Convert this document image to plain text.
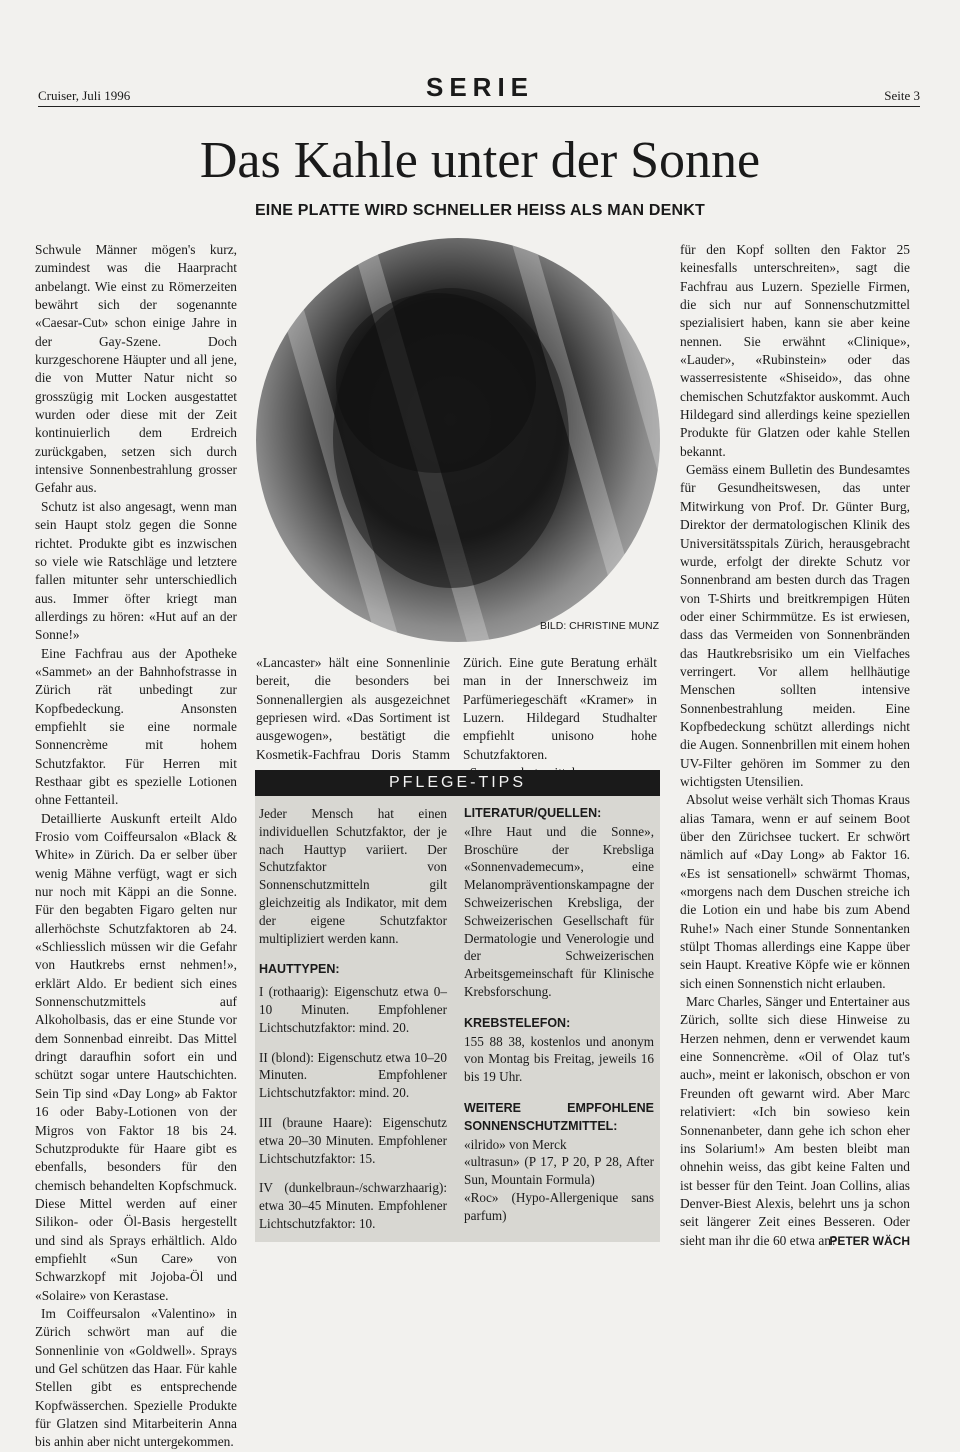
Cruiser, Juli 1996	SERIE	Seite 3
Das Kahle unter der Sonne
EINE PLATTE WIRD SCHNELLER HEISS ALS MAN DENKT

Schwule Männer mögen's kurz, zumindest was die Haarpracht anbelangt. Wie einst zu Römerzeiten bewährt sich der sogenannte «Caesar-Cut» schon einige Jahre in der Gay-Szene. Doch kurzgeschorene Häupter und all jene, die von Mutter Natur nicht so grosszügig mit Locken ausgestattet wurden oder diese mit der Zeit kontinuierlich dem Erdreich zurückgaben, setzen sich durch intensive Sonnenbestrahlung grosser Gefahr aus.

Schutz ist also angesagt, wenn man sein Haupt stolz gegen die Sonne richtet. Produkte gibt es inzwischen so viele wie Ratschläge und letztere fallen mitunter sehr unterschiedlich aus. Immer öfter kriegt man allerdings zu hören: «Hut auf an der Sonne!»

Eine Fachfrau aus der Apotheke «Sammet» an der Bahnhofstrasse in Zürich rät unbedingt zur Kopfbedeckung. Ansonsten empfiehlt sie eine normale Sonnencrème mit hohem Schutzfaktor. Für Herren mit Resthaar gibt es spezielle Lotionen ohne Fettanteil.

Detaillierte Auskunft erteilt Aldo Frosio vom Coiffeursalon «Black & White» in Zürich. Da er selber über wenig Mähne verfügt, wagt er sich nur noch mit Käppi an die Sonne. Für den begabten Figaro gelten nur allerhöchste Schutzfaktoren ab 24. «Schliesslich müssen wir die Gefahr von Hautkrebs ernst nehmen!», erklärt Aldo. Er bedient sich eines Sonnenschutzmittels auf Alkoholbasis, das er eine Stunde vor dem Sonnenbad einreibt. Das Mittel dringt daraufhin sofort ein und schützt sogar untere Hautschichten. Sein Tip sind «Day Long» ab Faktor 16 oder Baby-Lotionen von der Migros von Faktor 18 bis 24. Schutzprodukte für Haare gibt es ebenfalls, besonders für den chemisch behandelten Kopfschmuck. Diese Mittel werden auf einer Silikon- oder Öl-Basis hergestellt und sind als Sprays erhältlich. Aldo empfiehlt «Sun Care» von Schwarzkopf mit Jojoba-Öl und «Solaire» von Kerastase.

Im Coiffeursalon «Valentino» in Zürich schwört man auf die Sonnenlinie von «Goldwell». Sprays und Gel schützen das Haar. Für kahle Stellen gibt es entsprechende Kopfwässerchen. Spezielle Produkte für Glatzen sind Mitarbeiterin Anna bis anhin aber nicht untergekommen.

BILD: CHRISTINE MUNZ

«Lancaster» hält eine Sonnenlinie bereit, die besonders bei Sonnenallergien als ausgezeichnet gepriesen wird. «Das Sortiment ist ausgewogen», bestätigt die Kosmetik-Fachfrau Doris Stamm

Zürich. Eine gute Beratung erhält man in der Innerschweiz im Parfümeriegeschäft «Kramer» in Luzern. Hildegard Studhalter empfiehlt unisono hohe Schutzfaktoren.

PFLEGE-TIPS

Jeder Mensch hat einen individuellen Schutzfaktor, der je nach Hauttyp variiert. Der Schutzfaktor von Sonnenschutzmitteln gilt gleichzeitig als Indikator, mit dem der eigene Schutzfaktor multipliziert werden kann.

HAUTTYPEN:

I (rothaarig): Eigenschutz etwa 0–10 Minuten. Empfohlener Lichtschutzfaktor: mind. 20.

II (blond): Eigenschutz etwa 10–20 Minuten. Empfohlener Lichtschutzfaktor: mind. 20.

III (braune Haare): Eigenschutz etwa 20–30 Minuten. Empfohlener Lichtschutzfaktor: 15.

IV (dunkelbraun-/schwarzhaarig): etwa 30–45 Minuten. Empfohlener Lichtschutzfaktor: 10.

LITERATUR/QUELLEN:

«Ihre Haut und die Sonne», Broschüre der Krebsliga «Sonnenvademecum», eine Melanompräventionskampagne der Schweizerischen Krebsliga, der Schweizerischen Gesellschaft für Dermatologie und Venerologie und der Schweizerischen Arbeitsgemeinschaft für Klinische Krebsforschung.

KREBSTELEFON:

155 88 38, kostenlos und anonym von Montag bis Freitag, jeweils 16 bis 19 Uhr.

WEITERE EMPFOHLENE SONNENSCHUTZMITTEL:

«ilrido» von Merck

«ultrasun» (P 17, P 20, P 28, After Sun, Mountain Formula)

«Roc» (Hypo-Allergenique sans parfum)

für den Kopf sollten den Faktor 25 keinesfalls unterschreiten», sagt die Fachfrau aus Luzern. Spezielle Firmen, die sich nur auf Sonnenschutzmittel spezialisiert haben, kann sie aber keine nennen. Sie erwähnt «Clinique», «Lauder», «Rubinstein» oder das wasserresistente «Shiseido», das ohne chemischen Schutzfaktor auskommt. Auch Hildegard sind allerdings keine speziellen Produkte für Glatzen oder kahle Stellen bekannt.

Gemäss einem Bulletin des Bundesamtes für Gesundheitswesen, das unter Mitwirkung von Prof. Dr. Günter Burg, Direktor der dermatologischen Klinik des Universitätsspitals Zürich, herausgebracht wurde, erfolgt der direkte Schutz vor Sonnenbrand am besten durch das Tragen von T-Shirts und breitkrempigen Hüten oder einer Schirmmütze. Es ist erwiesen, dass das Vermeiden von Sonnenbränden das Hautkrebsrisiko um ein Vielfaches verringert. Vor allem hellhäutige Menschen sollten intensive Sonnenbestrahlung meiden. Eine Kopfbedeckung schützt allerdings nicht die Augen. Sonnenbrillen mit einem hohen UV-Filter gehören im Sommer zu den wichtigsten Utensilien.

Absolut weise verhält sich Thomas Kraus alias Tamara, wenn er auf seinem Boot über den Zürichsee tuckert. Er schwört nämlich auf «Day Long» ab Faktor 16. «Es ist sensationell» schwärmt Thomas, «morgens nach dem Duschen streiche ich die Lotion ein und habe bis zum Abend Ruhe!» Nach einer Stunde Sonnentanken stülpt Thomas allerdings eine Kappe über sein Haupt. Kreative Köpfe wie er können sich einen Sonnenstich nicht erlauben.

Marc Charles, Sänger und Entertainer aus Zürich, sollte sich diese Hinweise zu Herzen nehmen, denn er verwendet kaum eine Sonnencrème. «Oil of Olaz tut's auch», meint er lakonisch, obschon er von Freunden oft gewarnt wird. Aber Marc relativiert: «Ich bin sowieso kein Sonnenanbeter, dann gehe ich schon eher ins Solarium!» Am besten bleibt man ohnehin weiss, das gibt keine Falten und ist besser für den Teint. Joan Collins, alias Denver-Biest Alexis, belehrt uns ja schon seit längerer Zeit eines Besseren. Oder sieht man ihr die 60 etwa an?

PETER WÄCH
